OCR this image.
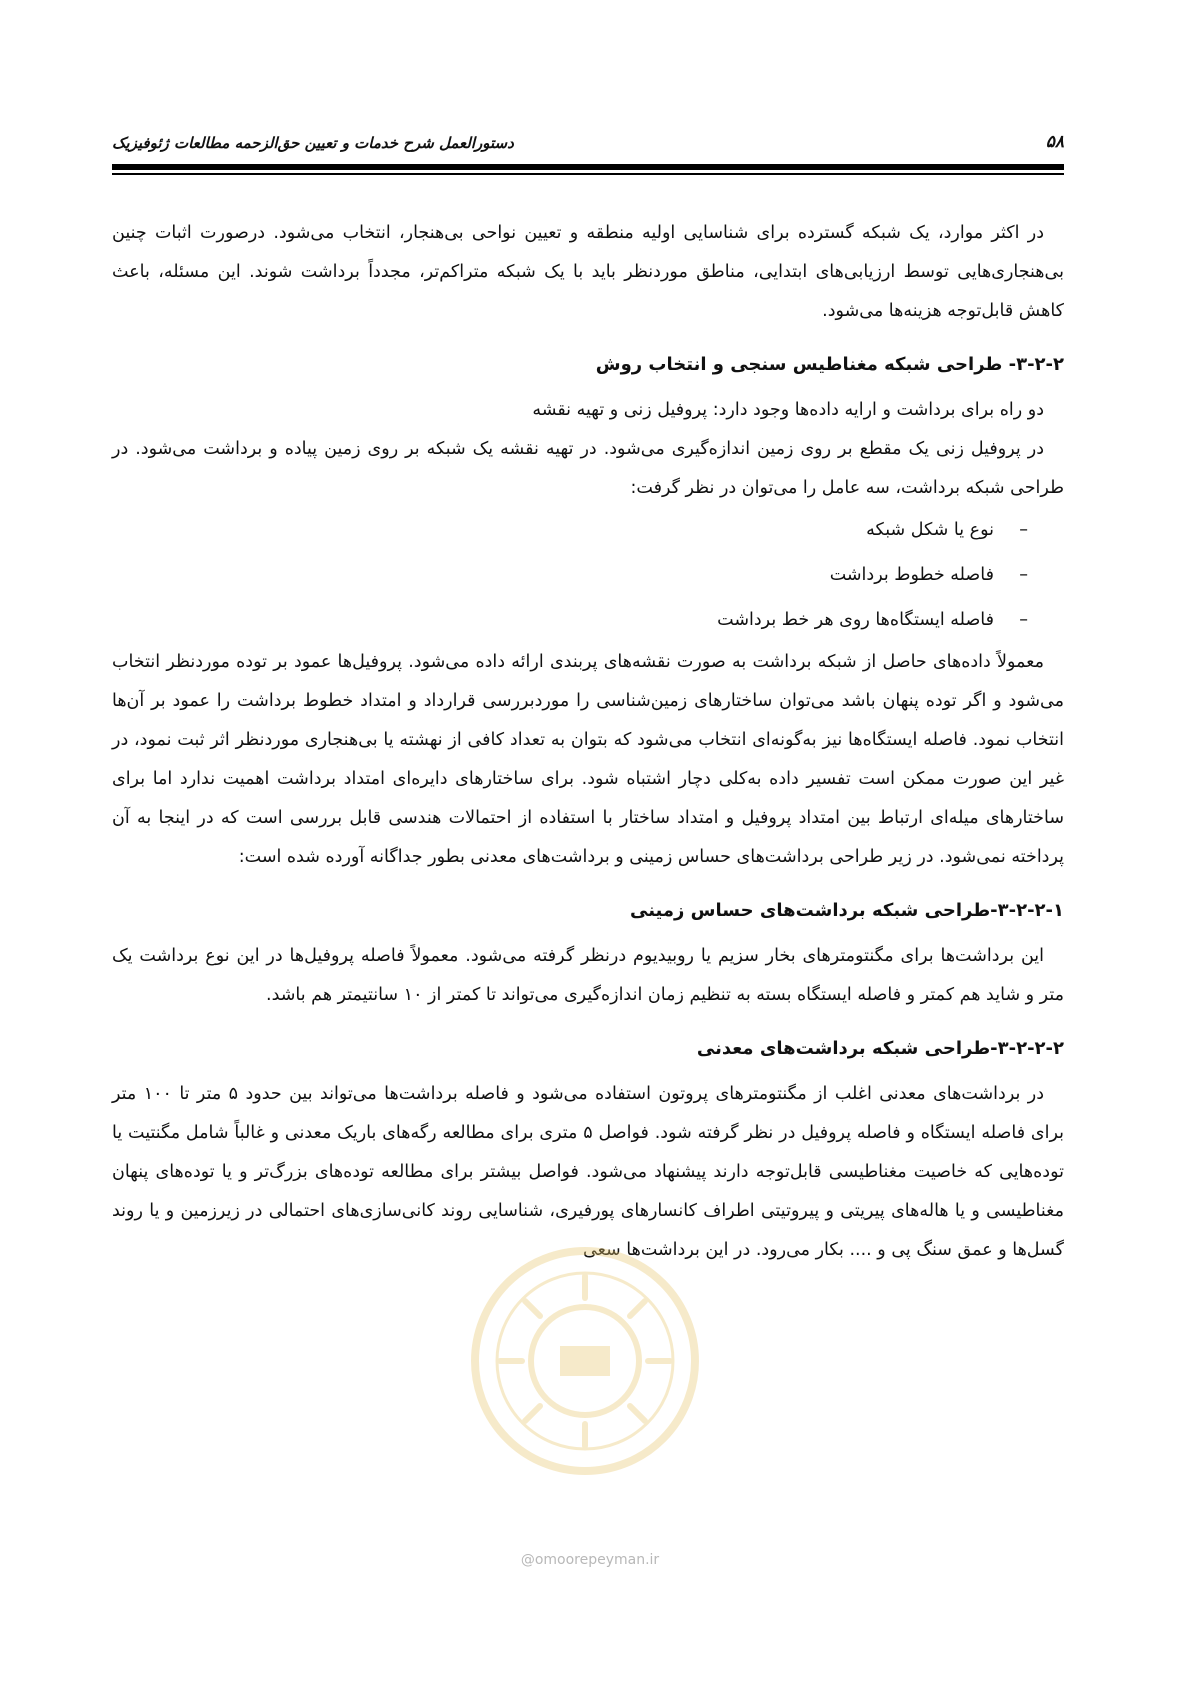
۵۸
دستورالعمل شرح خدمات و تعیین حق‌الزحمه مطالعات ژئوفیزیک

در اکثر موارد، یک شبکه گسترده برای شناسایی اولیه منطقه و تعیین نواحی بی‌هنجار، انتخاب می‌شود. درصورت اثبات چنین بی‌هنجاری‌هایی توسط ارزیابی‌های ابتدایی، مناطق موردنظر باید با یک شبکه متراکم‌تر، مجدداً برداشت شوند. این مسئله، باعث کاهش قابل‌توجه هزینه‌ها می‌شود.

۳-۲-۲- طراحی شبکه مغناطیس سنجی و انتخاب روش

دو راه برای برداشت و ارایه داده‌ها وجود دارد: پروفیل زنی و تهیه نقشه

در پروفیل زنی یک مقطع بر روی زمین اندازه‌گیری می‌شود. در تهیه نقشه یک شبکه بر روی زمین پیاده و برداشت می‌شود. در طراحی شبکه برداشت، سه عامل را می‌توان در نظر گرفت:

–نوع یا شکل شبکه
–فاصله خطوط برداشت
–فاصله ایستگاه‌ها روی هر خط برداشت

معمولاً داده‌های حاصل از شبکه برداشت به صورت نقشه‌های پربندی ارائه داده می‌شود. پروفیل‌ها عمود بر توده موردنظر انتخاب می‌شود و اگر توده پنهان باشد می‌توان ساختارهای زمین‌شناسی را موردبررسی قرارداد و امتداد خطوط برداشت را عمود بر آن‌ها انتخاب نمود. فاصله ایستگاه‌ها نیز به‌گونه‌ای انتخاب می‌شود که بتوان به تعداد کافی از نهشته یا بی‌هنجاری موردنظر اثر ثبت نمود، در غیر این صورت ممکن است تفسیر داده به‌کلی دچار اشتباه شود. برای ساختارهای دایره‌ای امتداد برداشت اهمیت ندارد اما برای ساختارهای میله‌ای ارتباط بین امتداد پروفیل و امتداد ساختار با استفاده از احتمالات هندسی قابل بررسی است که در اینجا به آن پرداخته نمی‌شود. در زیر طراحی برداشت‌های حساس زمینی و برداشت‌های معدنی بطور جداگانه آورده شده است:

۳-۲-۲-۱-طراحی شبکه برداشت‌های حساس زمینی

این برداشت‌ها برای مگنتومترهای بخار سزیم یا روبیدیوم درنظر گرفته می‌شود. معمولاً فاصله پروفیل‌ها در این نوع برداشت یک متر و شاید هم کمتر و فاصله ایستگاه بسته به تنظیم زمان اندازه‌گیری می‌تواند تا کمتر از ۱۰ سانتیمتر هم باشد.

۳-۲-۲-۲-طراحی شبکه برداشت‌های معدنی

در برداشت‌های معدنی اغلب از مگنتومترهای پروتون استفاده می‌شود و فاصله برداشت‌ها می‌تواند بین حدود ۵ متر تا ۱۰۰ متر برای فاصله ایستگاه و فاصله پروفیل در نظر گرفته شود. فواصل ۵ متری برای مطالعه رگه‌های باریک معدنی و غالباً شامل مگنتیت یا توده‌هایی که خاصیت مغناطیسی قابل‌توجه دارند پیشنهاد می‌شود. فواصل بیشتر برای مطالعه توده‌های بزرگ‌تر و یا توده‌های پنهان مغناطیسی و یا هاله‌های پیریتی و پیروتیتی اطراف کانسارهای پورفیری، شناسایی روند کانی‌سازی‌های احتمالی در زیرزمین و یا روند گسل‌ها و عمق سنگ پی و .... بکار می‌رود. در این برداشت‌ها سعی

@omoorepeyman.ir
